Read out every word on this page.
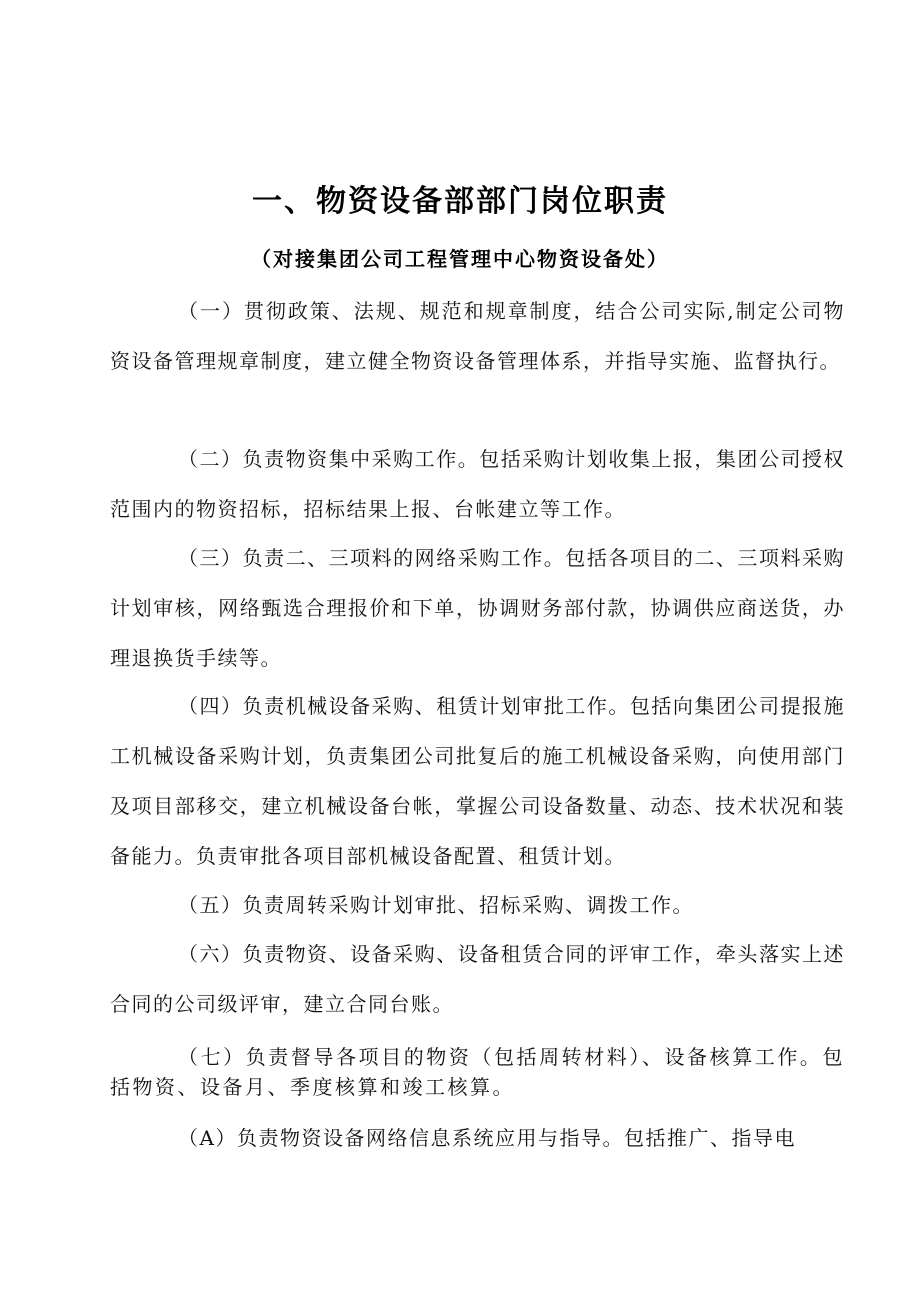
一、物资设备部部门岗位职责
（对接集团公司工程管理中心物资设备处）
（一）贯彻政策、法规、规范和规章制度，结合公司实际,制定公司物资设备管理规章制度，建立健全物资设备管理体系，并指导实施、监督执行。
（二）负责物资集中采购工作。包括采购计划收集上报，集团公司授权范围内的物资招标，招标结果上报、台帐建立等工作。
（三）负责二、三项料的网络采购工作。包括各项目的二、三项料采购计划审核，网络甄选合理报价和下单，协调财务部付款，协调供应商送货，办理退换货手续等。
（四）负责机械设备采购、租赁计划审批工作。包括向集团公司提报施工机械设备采购计划，负责集团公司批复后的施工机械设备采购，向使用部门及项目部移交，建立机械设备台帐，掌握公司设备数量、动态、技术状况和装备能力。负责审批各项目部机械设备配置、租赁计划。
（五）负责周转采购计划审批、招标采购、调拨工作。
（六）负责物资、设备采购、设备租赁合同的评审工作，牵头落实上述合同的公司级评审，建立合同台账。
（七）负责督导各项目的物资（包括周转材料）、设备核算工作。包括物资、设备月、季度核算和竣工核算。
（A）负责物资设备网络信息系统应用与指导。包括推广、指导电
